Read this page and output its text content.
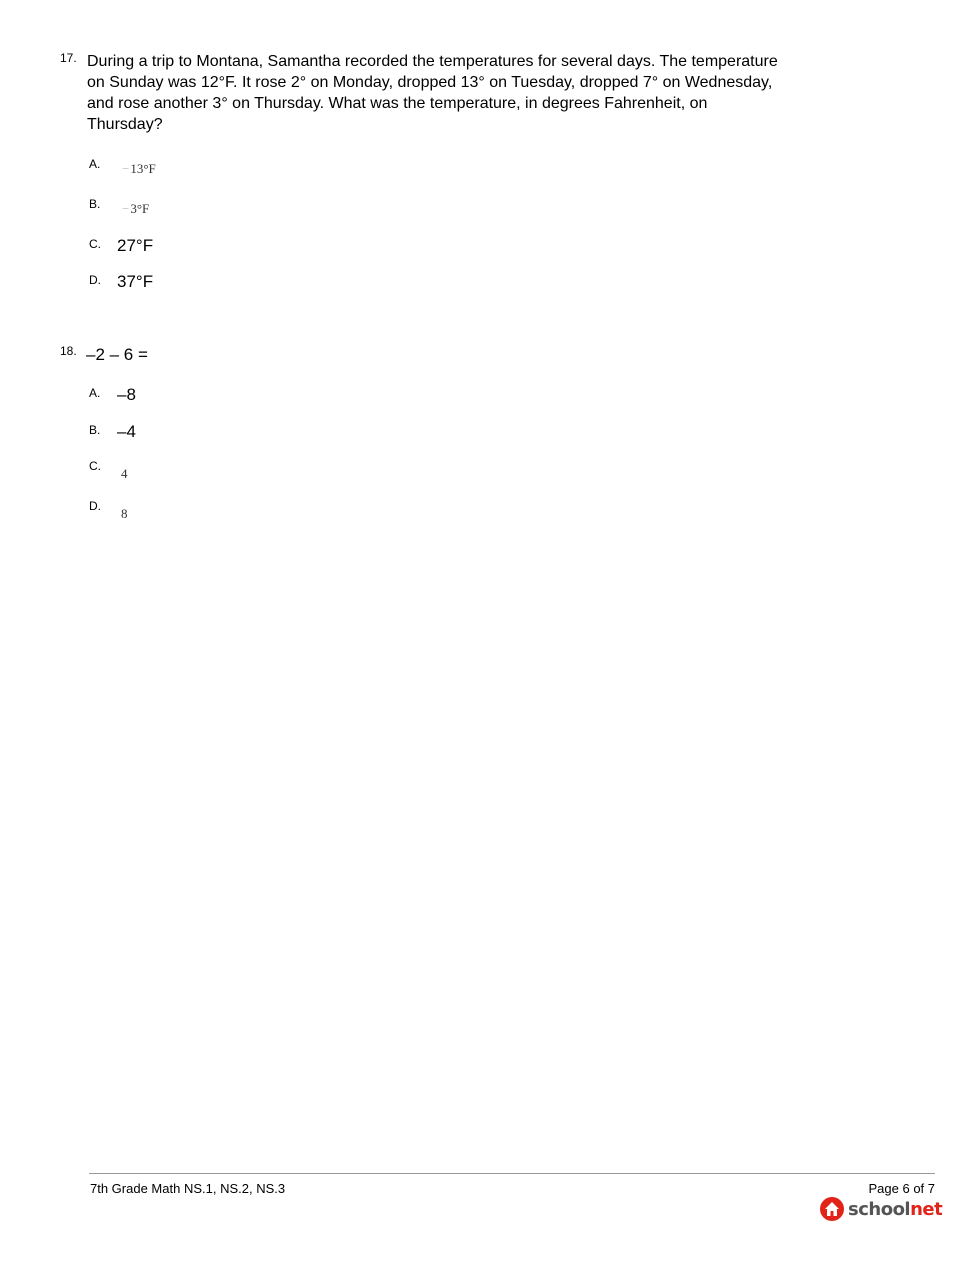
17. During a trip to Montana, Samantha recorded the temperatures for several days. The temperature on Sunday was 12°F. It rose 2° on Monday, dropped 13° on Tuesday, dropped 7° on Wednesday, and rose another 3° on Thursday. What was the temperature, in degrees Fahrenheit, on Thursday?
A. −13°F
B. −3°F
C. 27°F
D. 37°F
18. –2 – 6 =
A. –8
B. –4
C. 4
D. 8
7th Grade Math NS.1, NS.2, NS.3	Page 6 of 7
schoolnet
